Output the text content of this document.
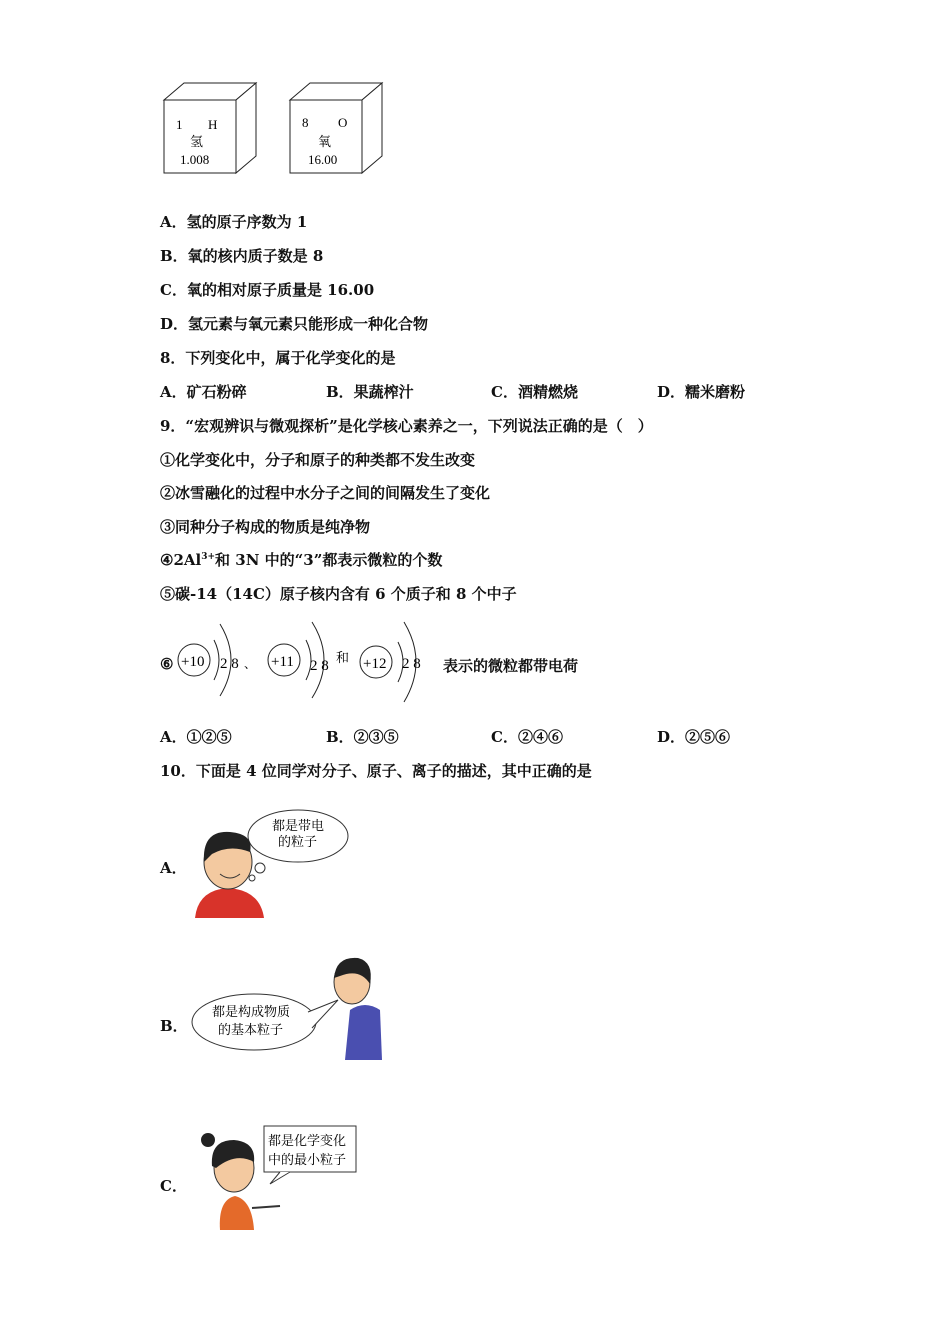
1 H
氢
1.008
8 O
氧
16.00
A．氢的原子序数为 1
B．氧的核内质子数是 8
C．氧的相对原子质量是 16.00
D．氢元素与氧元素只能形成一种化合物
8．下列变化中，属于化学变化的是
A．矿石粉碎	B．果蔬榨汁	C．酒精燃烧	D．糯米磨粉
9．“宏观辨识与微观探析”是化学核心素养之一，下列说法正确的是（　）
①化学变化中，分子和原子的种类都不发生改变
②冰雪融化的过程中水分子之间的间隔发生了变化
③同种分子构成的物质是纯净物
$④2Al^{3+}$和 3N 中的“3”都表示微粒的个数
⑤碳-14（14C）原子核内含有 6 个质子和 8 个中子
⑥ +10 2 8 、 +11 2 8
和 +12 2 8 表示的微粒都带电荷
A．①②⑤	B．②③⑤	C．②④⑥	D．②⑤⑥
10．下面是 4 位同学对分子、原子、离子的描述，其中正确的是
A．
都是带电
的粒子
B．
都是构成物质
的基本粒子
C．
都是化学变化
中的最小粒子
